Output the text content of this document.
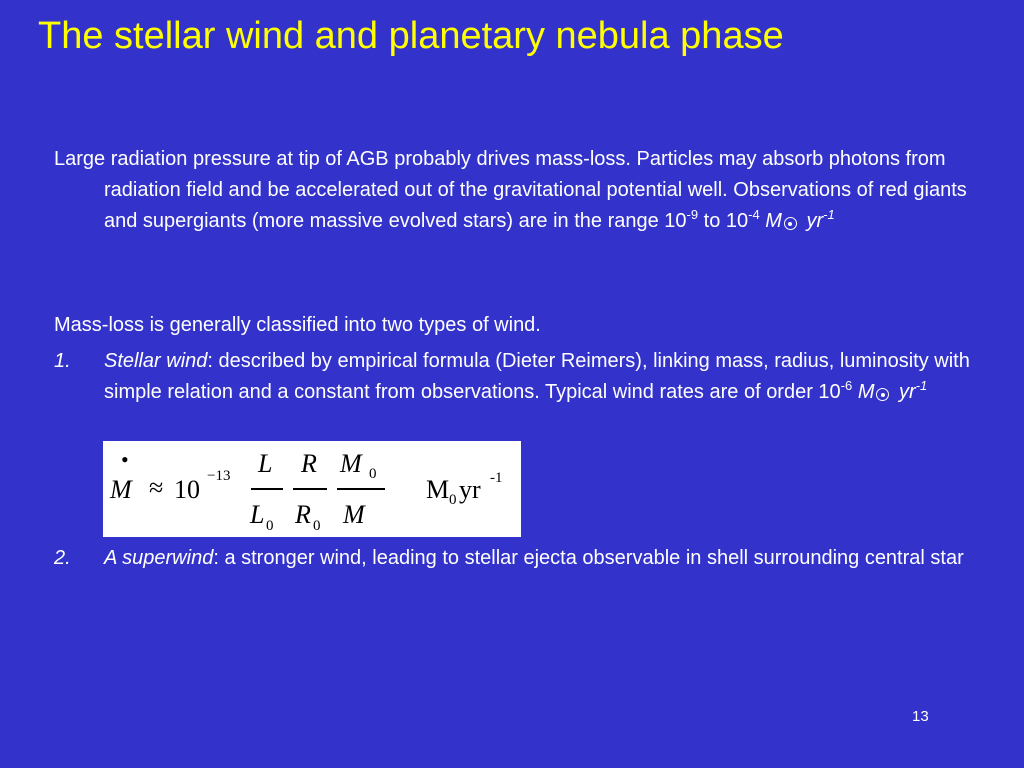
The stellar wind and planetary nebula phase

Large radiation pressure at tip of AGB probably drives mass-loss. Particles may absorb photons from radiation field and be accelerated out of the gravitational potential well. Observations of red giants and supergiants (more massive evolved stars) are in the range $10^{-9}$ to $10^{-4}$ M $yr^{-1}$

Mass-loss is generally classified into two types of wind.

1. Stellar wind: described by empirical formula (Dieter Reimers), linking mass, radius, luminosity with simple relation and a constant from observations. Typical wind rates are of order $10^{-6}$ M $yr^{-1}$

•
M ≈ 10 −13 L
L 0
R
R 0
M 0
M
M 0 yr -1

2. A superwind: a stronger wind, leading to stellar ejecta observable in shell surrounding central star

13
